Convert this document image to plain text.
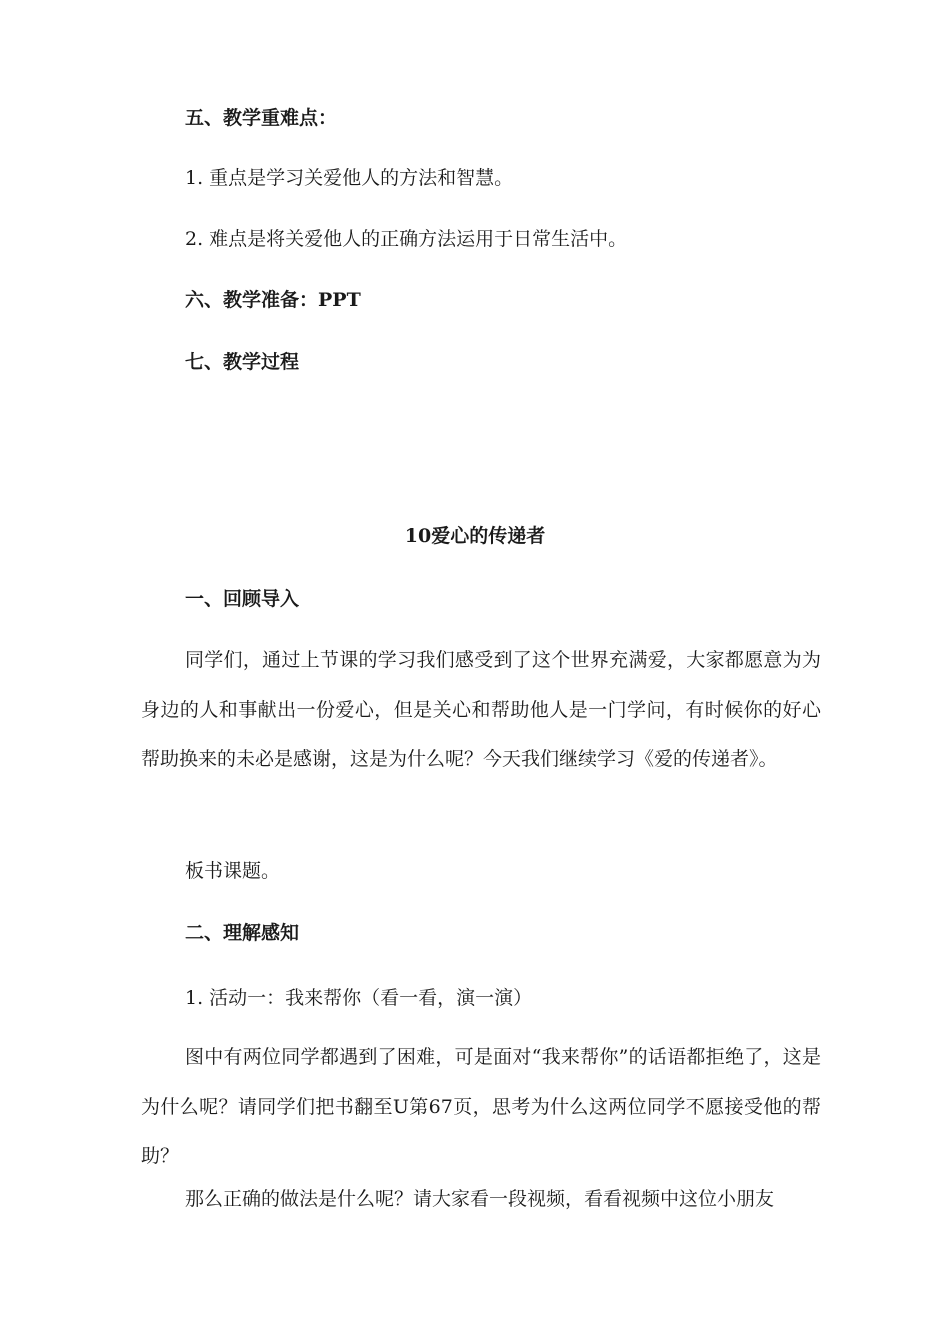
五、教学重难点：
1. 重点是学习关爱他人的方法和智慧。
2. 难点是将关爱他人的正确方法运用于日常生活中。
六、教学准备：PPT
七、教学过程
10爱心的传递者
一、回顾导入

同学们，通过上节课的学习我们感受到了这个世界充满爱，大家都愿意为为身边的人和事献出一份爱心，但是关心和帮助他人是一门学问，有时候你的好心帮助换来的未必是感谢，这是为什么呢？今天我们继续学习《爱的传递者》。

板书课题。
二、理解感知
1. 活动一：我来帮你（看一看，演一演）

图中有两位同学都遇到了困难，可是面对“我来帮你”的话语都拒绝了，这是为什么呢？请同学们把书翻至U第67页，思考为什么这两位同学不愿接受他的帮助？

那么正确的做法是什么呢？请大家看一段视频，看看视频中这位小朋友
